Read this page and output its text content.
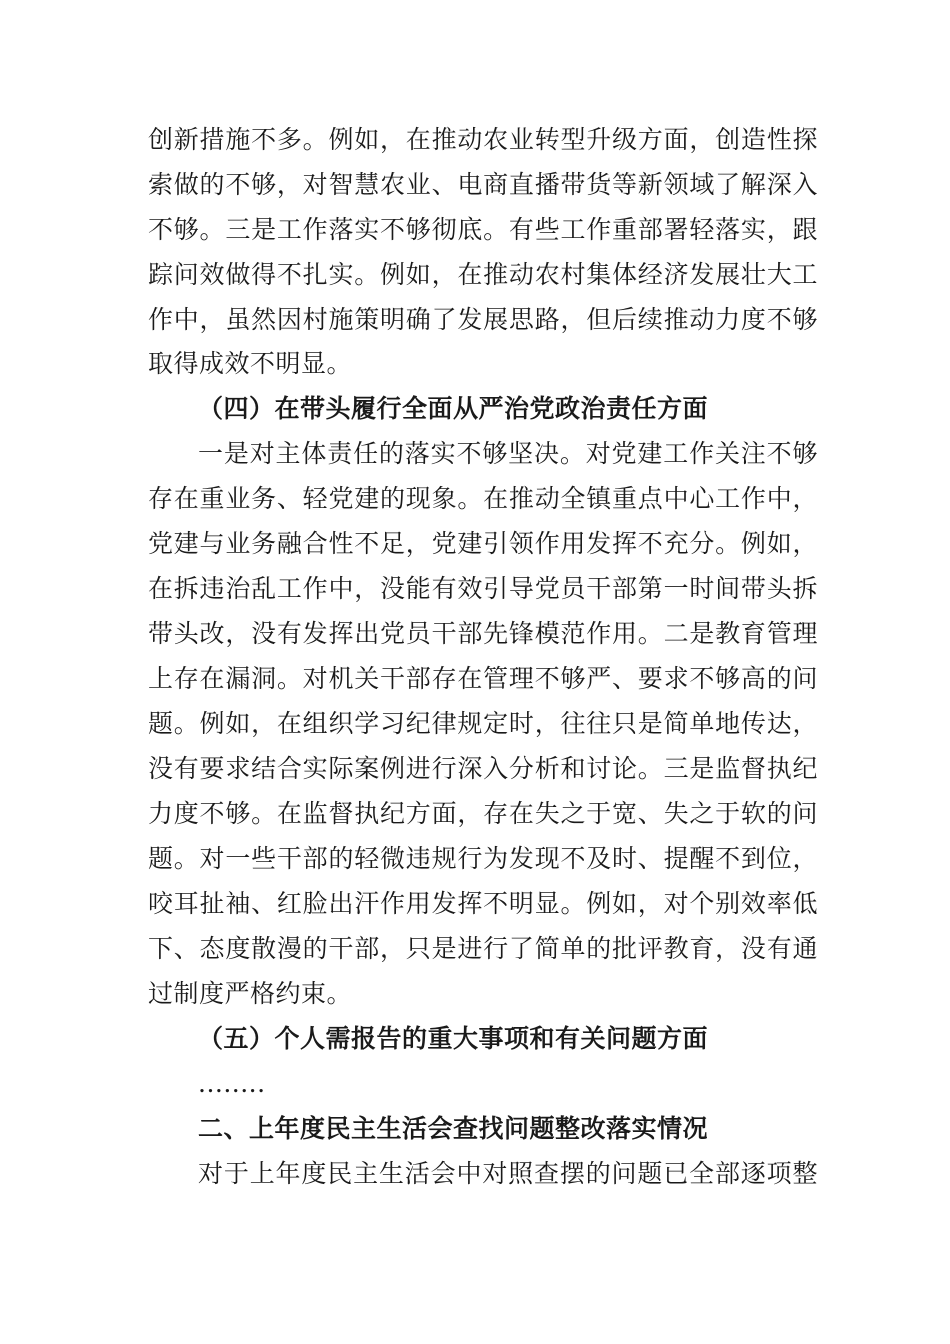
创新措施不多。例如，在推动农业转型升级方面，创造性探
索做的不够，对智慧农业、电商直播带货等新领域了解深入
不够。三是工作落实不够彻底。有些工作重部署轻落实，跟
踪问效做得不扎实。例如，在推动农村集体经济发展壮大工
作中，虽然因村施策明确了发展思路，但后续推动力度不够
取得成效不明显。
（四）在带头履行全面从严治党政治责任方面
一是对主体责任的落实不够坚决。对党建工作关注不够
存在重业务、轻党建的现象。在推动全镇重点中心工作中，
党建与业务融合性不足，党建引领作用发挥不充分。例如，
在拆违治乱工作中，没能有效引导党员干部第一时间带头拆
带头改，没有发挥出党员干部先锋模范作用。二是教育管理
上存在漏洞。对机关干部存在管理不够严、要求不够高的问
题。例如，在组织学习纪律规定时，往往只是简单地传达，
没有要求结合实际案例进行深入分析和讨论。三是监督执纪
力度不够。在监督执纪方面，存在失之于宽、失之于软的问
题。对一些干部的轻微违规行为发现不及时、提醒不到位，
咬耳扯袖、红脸出汗作用发挥不明显。例如，对个别效率低
下、态度散漫的干部，只是进行了简单的批评教育，没有通
过制度严格约束。
（五）个人需报告的重大事项和有关问题方面
........
二、上年度民主生活会查找问题整改落实情况
对于上年度民主生活会中对照查摆的问题已全部逐项整
